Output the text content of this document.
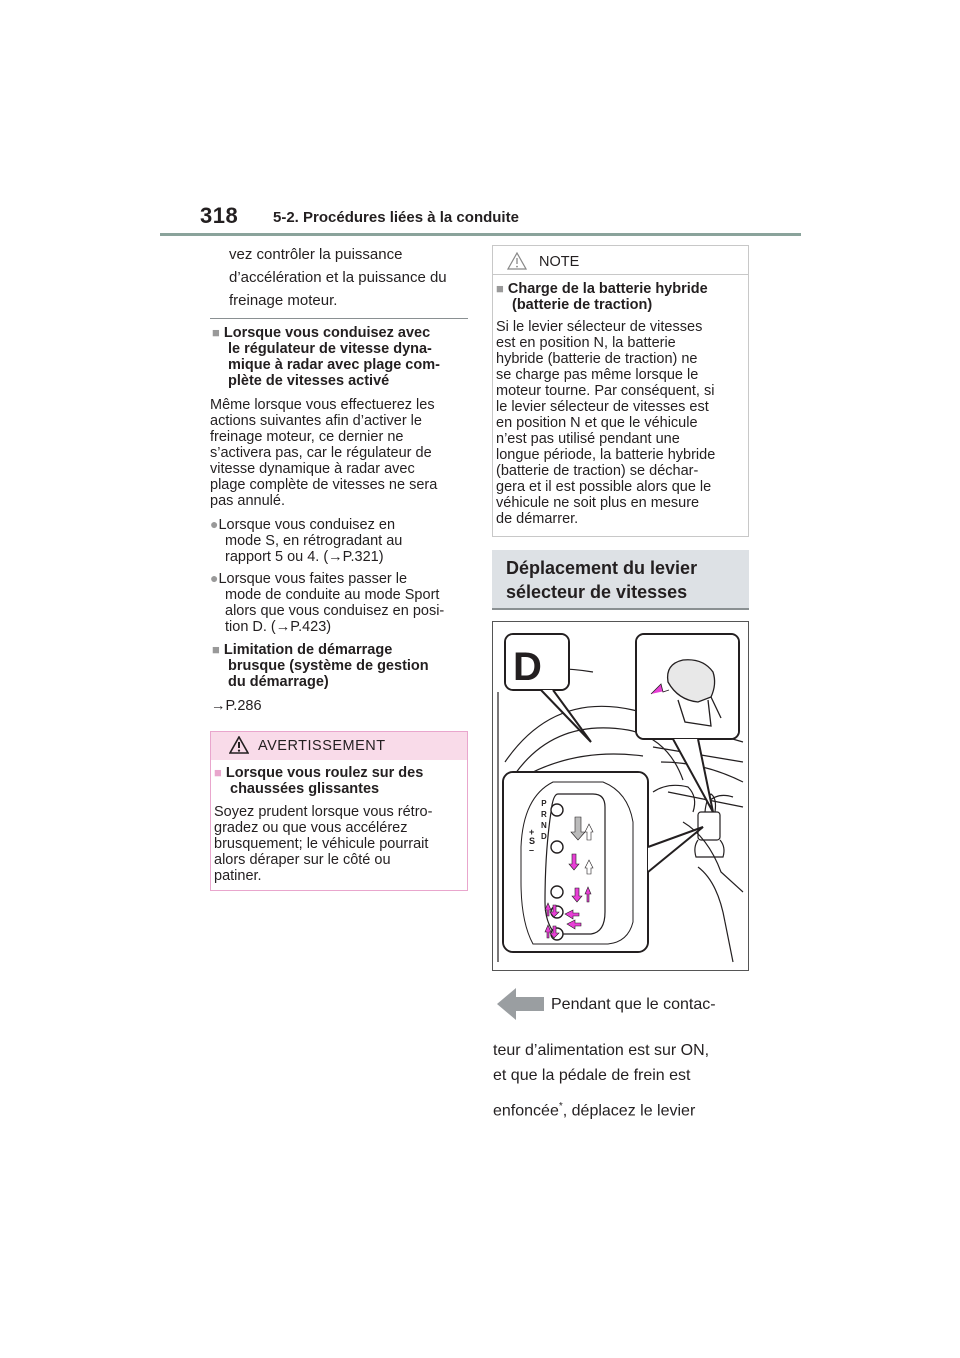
318 5-2. Procédures liées à la conduite
vez contrôler la puissance
d’accélération et la puissance du
freinage moteur.
■ Lorsque vous conduisez avec
le régulateur de vitesse dyna-
mique à radar avec plage com-
plète de vitesses activé
Même lorsque vous effectuerez les
actions suivantes afin d’activer le
freinage moteur, ce dernier ne
s’activera pas, car le régulateur de
vitesse dynamique à radar avec
plage complète de vitesses ne sera
pas annulé.
●Lorsque vous conduisez en
mode S, en rétrogradant au
rapport 5 ou 4. (→P.321)
●Lorsque vous faites passer le
mode de conduite au mode Sport
alors que vous conduisez en posi-
tion D. (→P.423)
■ Limitation de démarrage
brusque (système de gestion
du démarrage)
→P.286
AVERTISSEMENT
■ Lorsque vous roulez sur des
chaussées glissantes
Soyez prudent lorsque vous rétro-
gradez ou que vous accélérez
brusquement; le véhicule pourrait
alors déraper sur le côté ou
patiner.
NOTE
■ Charge de la batterie hybride
(batterie de traction)
Si le levier sélecteur de vitesses
est en position N, la batterie
hybride (batterie de traction) ne
se charge pas même lorsque le
moteur tourne. Par conséquent, si
le levier sélecteur de vitesses est
en position N et que le véhicule
n’est pas utilisé pendant une
longue période, la batterie hybride
(batterie de traction) se déchar-
gera et il est possible alors que le
véhicule ne soit plus en mesure
de démarrer.
Déplacement du levier
sélecteur de vitesses
D
P
R
N
D
+
S
–
Pendant que le contac-
teur d’alimentation est sur ON,
et que la pédale de frein est
enfoncée*, déplacez le levier
